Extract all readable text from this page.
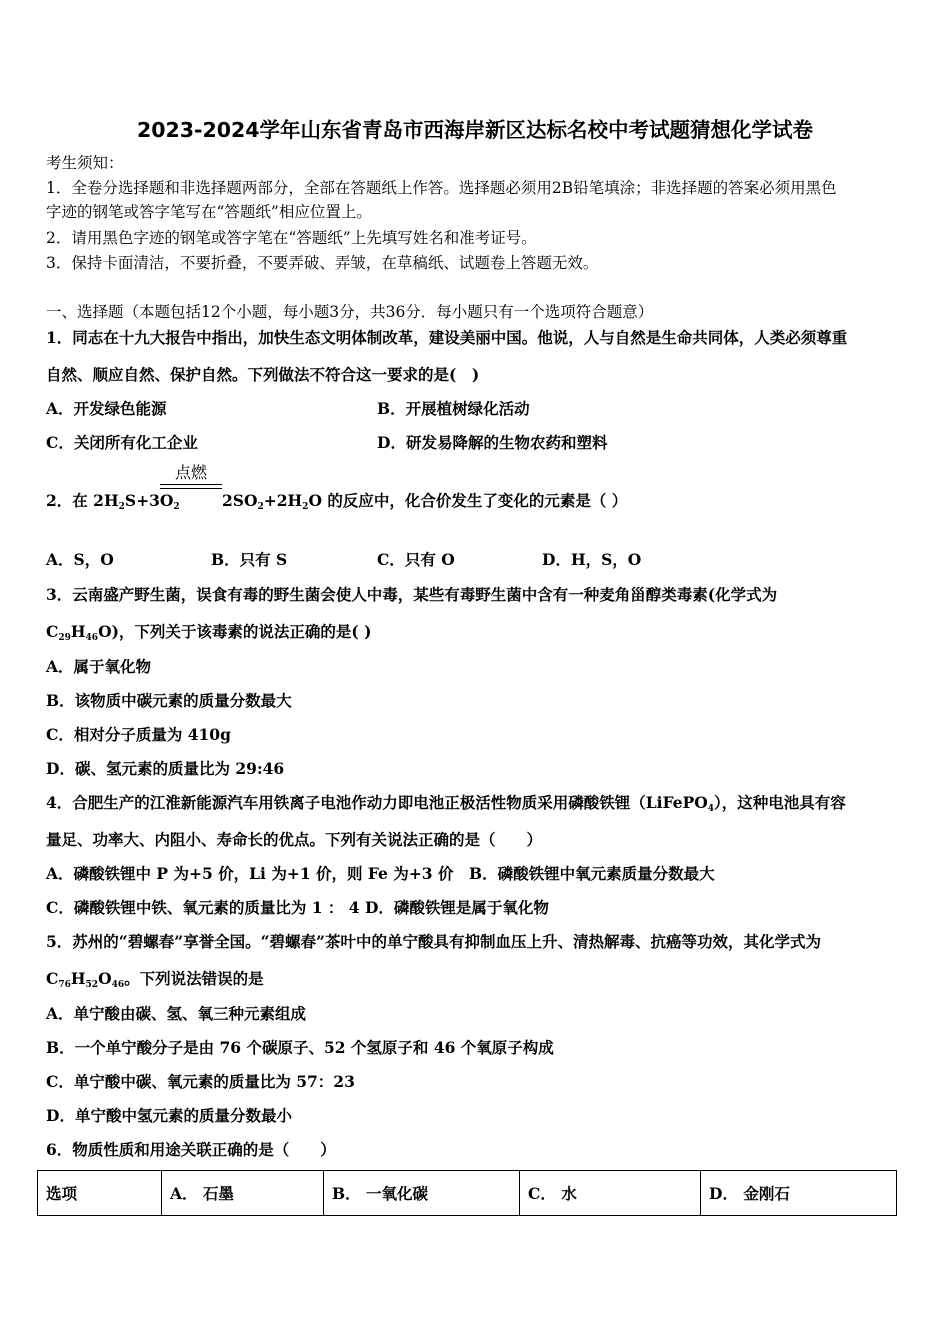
2023-2024学年山东省青岛市西海岸新区达标名校中考试题猜想化学试卷
考生须知：
1．全卷分选择题和非选择题两部分，全部在答题纸上作答。选择题必须用2B铅笔填涂；非选择题的答案必须用黑色
字迹的钢笔或答字笔写在“答题纸”相应位置上。
2．请用黑色字迹的钢笔或答字笔在“答题纸”上先填写姓名和准考证号。
3．保持卡面清洁，不要折叠，不要弄破、弄皱，在草稿纸、试题卷上答题无效。
一、选择题（本题包括12个小题，每小题3分，共36分．每小题只有一个选项符合题意）
1．同志在十九大报告中指出，加快生态文明体制改革，建设美丽中国。他说，人与自然是生命共同体，人类必须尊重
自然、顺应自然、保护自然。下列做法不符合这一要求的是(　)
A．开发绿色能源	B．开展植树绿化活动
C．关闭所有化工企业	D．研发易降解的生物农药和塑料
点燃
2．在 $2H_2S+3O_2$	$2SO_2+2H_2O$ 的反应中，化合价发生了变化的元素是（ ）
A．S，O	B．只有 S	C．只有 O	D．H，S，O
3．云南盛产野生菌，误食有毒的野生菌会使人中毒，某些有毒野生菌中含有一种麦角甾醇类毒素(化学式为
$C_{29}H_{46}O$)，下列关于该毒素的说法正确的是( )
A．属于氧化物
B．该物质中碳元素的质量分数最大
C．相对分子质量为 410g
D．碳、氢元素的质量比为 29:46
4．合肥生产的江淮新能源汽车用铁离子电池作动力即电池正极活性物质采用磷酸铁锂（LiFePO$_4$），这种电池具有容
量足、功率大、内阻小、寿命长的优点。下列有关说法正确的是（　　）
A．磷酸铁锂中 P 为+5 价，Li 为+1 价，则 Fe 为+3 价　B．磷酸铁锂中氧元素质量分数最大
C．磷酸铁锂中铁、氧元素的质量比为 1 ： 4 D．磷酸铁锂是属于氧化物
5．苏州的“碧螺春”享誉全国。“碧螺春”茶叶中的单宁酸具有抑制血压上升、清热解毒、抗癌等功效，其化学式为
$C_{76}H_{52}O_{46}$。下列说法错误的是
A．单宁酸由碳、氢、氧三种元素组成
B．一个单宁酸分子是由 76 个碳原子、52 个氢原子和 46 个氧原子构成
C．单宁酸中碳、氧元素的质量比为 57：23
D．单宁酸中氢元素的质量分数最小
6．物质性质和用途关联正确的是（　　）
选项	A． 石墨	B． 一氧化碳	C． 水	D． 金刚石
